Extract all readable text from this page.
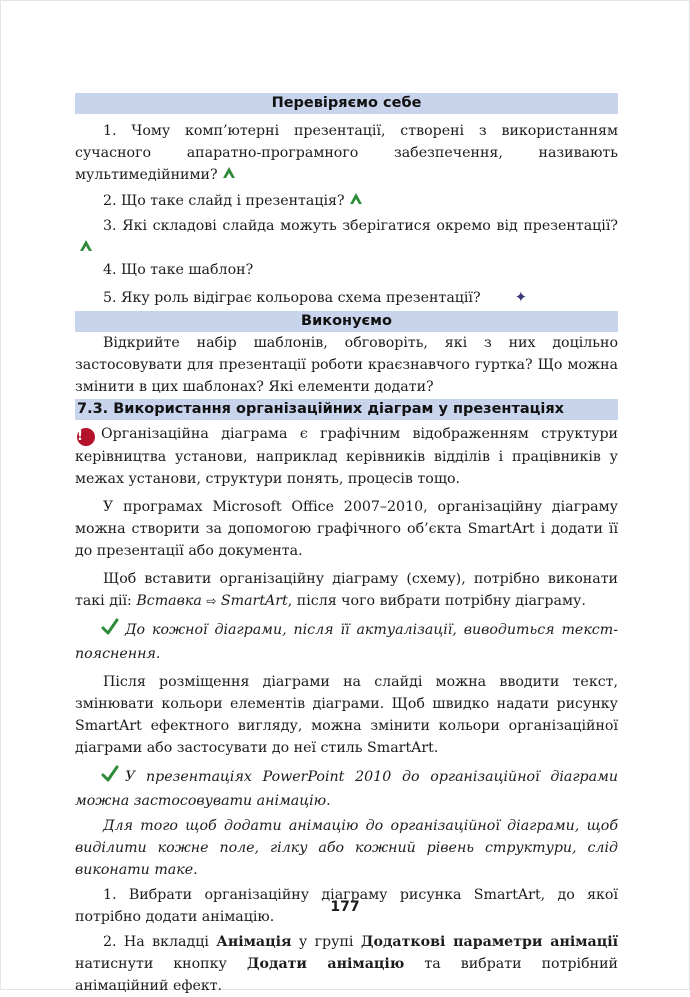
Перевіряємо себе

1. Чому комп’ютерні презентації, створені з використанням сучасного апаратно-програмного забезпечення, називають мультимедійними?

2. Що таке слайд і презентація?

3. Які складові слайда можуть зберігатися окремо від презентації?

4. Що таке шаблон?

5. Яку роль відіграє кольорова схема презентації? ✦

Виконуємо

Відкрийте набір шаблонів, обговоріть, які з них доцільно застосовувати для презентації роботи краєзнавчого гуртка? Що можна змінити в цих шаблонах? Які елементи додати?

7.3. Використання організаційних діаграм у презентаціях

! Організаційна діаграма є графічним відображенням структури керівництва установи, наприклад керівників відділів і працівників у межах установи, структури понять, процесів тощо.

У програмах Microsoft Office 2007–2010, організаційну діаграму можна створити за допомогою графічного об’єкта SmartArt і додати її до презентації або документа.

Щоб вставити організаційну діаграму (схему), потрібно виконати такі дії: Вставка ⇨ SmartArt, після чого вибрати потрібну діаграму.

До кожної діаграми, після її актуалізації, виводиться текст-пояснення.

Після розміщення діаграми на слайді можна вводити текст, змінювати кольори елементів діаграми. Щоб швидко надати рисунку SmartArt ефектного вигляду, можна змінити кольори організаційної діаграми або застосувати до неї стиль SmartArt.

У презентаціях PowerPoint 2010 до організаційної діаграми можна застосовувати анімацію.

Для того щоб додати анімацію до організаційної діаграми, щоб виділити кожне поле, гілку або кожний рівень структури, слід виконати таке.

1. Вибрати організаційну діаграму рисунка SmartArt, до якої потрібно додати анімацію.

2. На вкладці Анімація у групі Додаткові параметри анімації натиснути кнопку Додати анімацію та вибрати потрібний анімаційний ефект.

177
